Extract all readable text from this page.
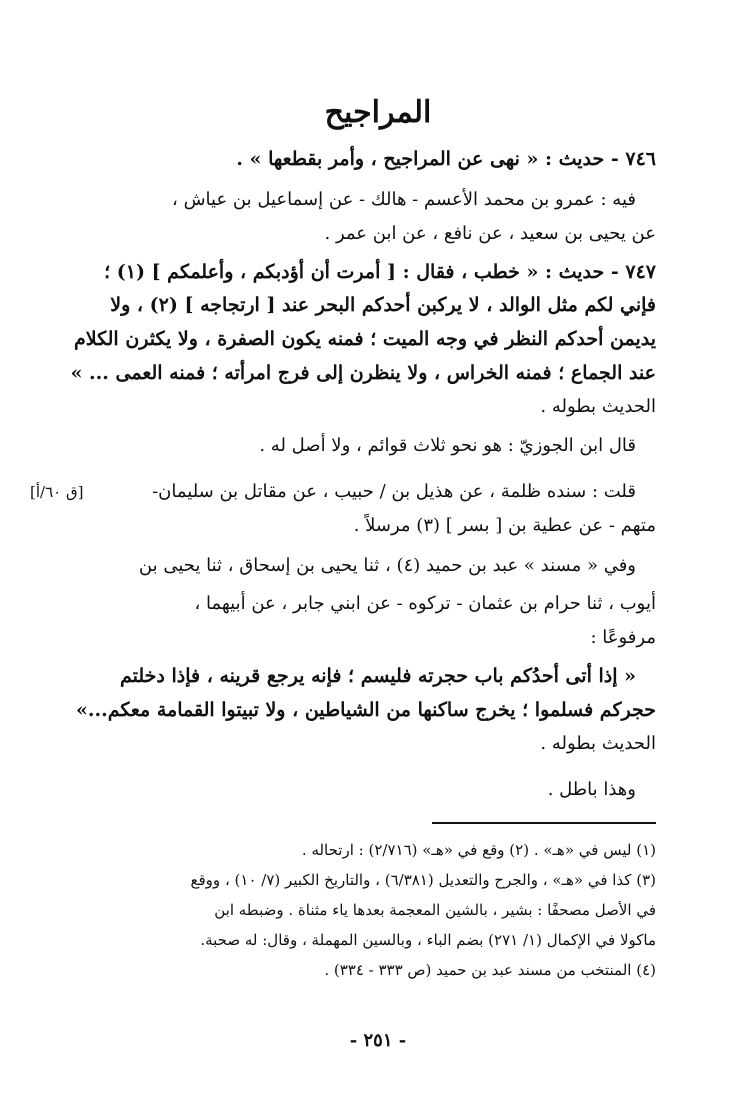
المراجيح
٧٤٦ - حديث : « نهى عن المراجيح ، وأمر بقطعها » .
فيه : عمرو بن محمد الأعسم - هالك - عن إسماعيل بن عياش ،
عن يحيى بن سعيد ، عن نافع ، عن ابن عمر .
٧٤٧ - حديث : « خطب ، فقال : [ أمرت أن أؤدبكم ، وأعلمكم ] (١) ؛
فإني لكم مثل الوالد ، لا يركبن أحدكم البحر عند [ ارتجاجه ] (٢) ، ولا
يديمن أحدكم النظر في وجه الميت ؛ فمنه يكون الصفرة ، ولا يكثرن الكلام
عند الجماع ؛ فمنه الخراس ، ولا ينظرن إلى فرج امرأته ؛ فمنه العمى ... »
الحديث بطوله .
قال ابن الجوزيّ : هو نحو ثلاث قوائم ، ولا أصل له .
قلت : سنده ظلمة ، عن هذيل بن / حبيب ، عن مقاتل بن سليمان-
متهم - عن عطية بن [ بسر ] (٣) مرسلاً .
[ق ٦٠/أ]
وفي « مسند » عبد بن حميد (٤) ، ثنا يحيى بن إسحاق ، ثنا يحيى بن
أيوب ، ثنا حرام بن عثمان - تركوه - عن ابني جابر ، عن أبيهما ،
مرفوعًا :
« إذا أتى أحدُكم باب حجرته فليسم ؛ فإنه يرجع قرينه ، فإذا دخلتم
حجركم فسلموا ؛ يخرج ساكنها من الشياطين ، ولا تبيتوا القمامة معكم...»
الحديث بطوله .
وهذا باطل .
(١) ليس في «هـ» . (٢) وقع في «هـ» (٢/٧١٦) : ارتحاله .
(٣) كذا في «هـ» ، والجرح والتعديل (٦/٣٨١) ، والتاريخ الكبير (٧/ ١٠) ، ووقع
في الأصل مصحفًا : بشير ، بالشين المعجمة بعدها ياء مثناة . وضبطه ابن
ماكولا في الإكمال (١/ ٢٧١) بضم الباء ، وبالسين المهملة ، وقال: له صحبة.
(٤) المنتخب من مسند عبد بن حميد (ص ٣٣٣ - ٣٣٤) .
- ٢٥١ -
